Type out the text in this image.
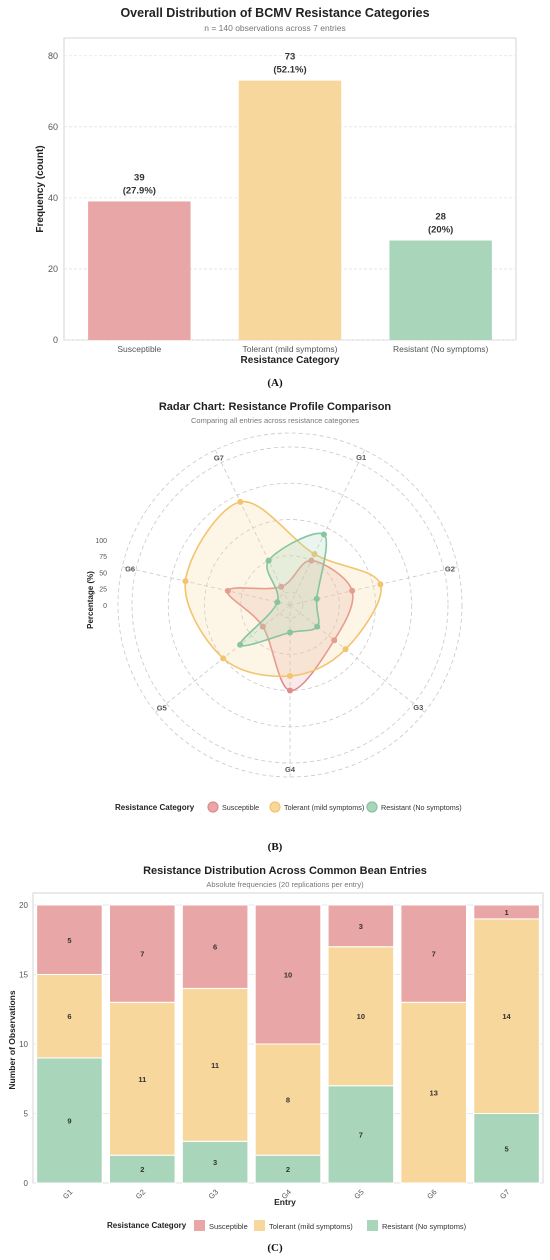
Overall Distribution of BCMV Resistance Categories
n = 140 observations across 7 entries
0
20
40
60
80
39
(27.9%)
73
(52.1%)
28
(20%)
Susceptible	Tolerant (mild symptoms)	Resistant (No symptoms)
Resistance Category
Frequency (count)
(A)
Radar Chart: Resistance Profile Comparison
Comparing all entries across resistance categories
0
25
50
75
100
G1
G2
G3
G4
G5
G6
G7
Percentage (%)
Resistance Category	Susceptible	Tolerant (mild symptoms) Resistant (No symptoms)
(B)
Resistance Distribution Across Common Bean Entries
Absolute frequencies (20 replications per entry)
0
5
10
15
20
9
6
5
2
11
7
3
11
6
2
8
10
7
10
3
13
7
5
14
1
G1	G2	G3	G4	G5	G6	G7
Entry
Number of Observations
Resistance Category	Susceptible	Tolerant (mild symptoms)	Resistant (No symptoms)
(C)
